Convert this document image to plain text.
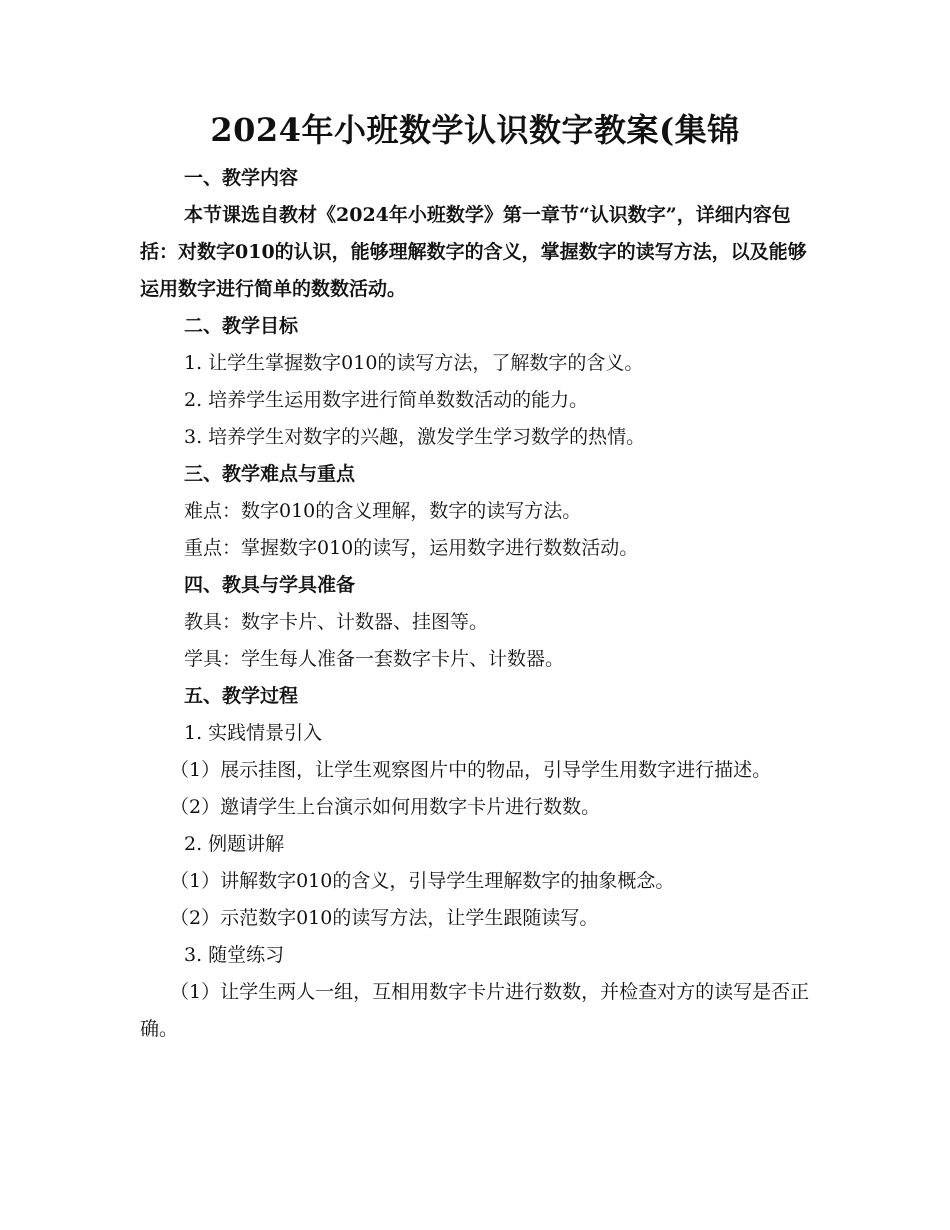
2024年小班数学认识数字教案(集锦

一、教学内容

本节课选自教材《2024年小班数学》第一章节“认识数字”，详细内容包括：对数字010的认识，能够理解数字的含义，掌握数字的读写方法，以及能够运用数字进行简单的数数活动。

二、教学目标

1. 让学生掌握数字010的读写方法，了解数字的含义。

2. 培养学生运用数字进行简单数数活动的能力。

3. 培养学生对数字的兴趣，激发学生学习数学的热情。

三、教学难点与重点

难点：数字010的含义理解，数字的读写方法。

重点：掌握数字010的读写，运用数字进行数数活动。

四、教具与学具准备

教具：数字卡片、计数器、挂图等。

学具：学生每人准备一套数字卡片、计数器。

五、教学过程

1. 实践情景引入

（1）展示挂图，让学生观察图片中的物品，引导学生用数字进行描述。

（2）邀请学生上台演示如何用数字卡片进行数数。

2. 例题讲解

（1）讲解数字010的含义，引导学生理解数字的抽象概念。

（2）示范数字010的读写方法，让学生跟随读写。

3. 随堂练习

（1）让学生两人一组，互相用数字卡片进行数数，并检查对方的读写是否正确。
